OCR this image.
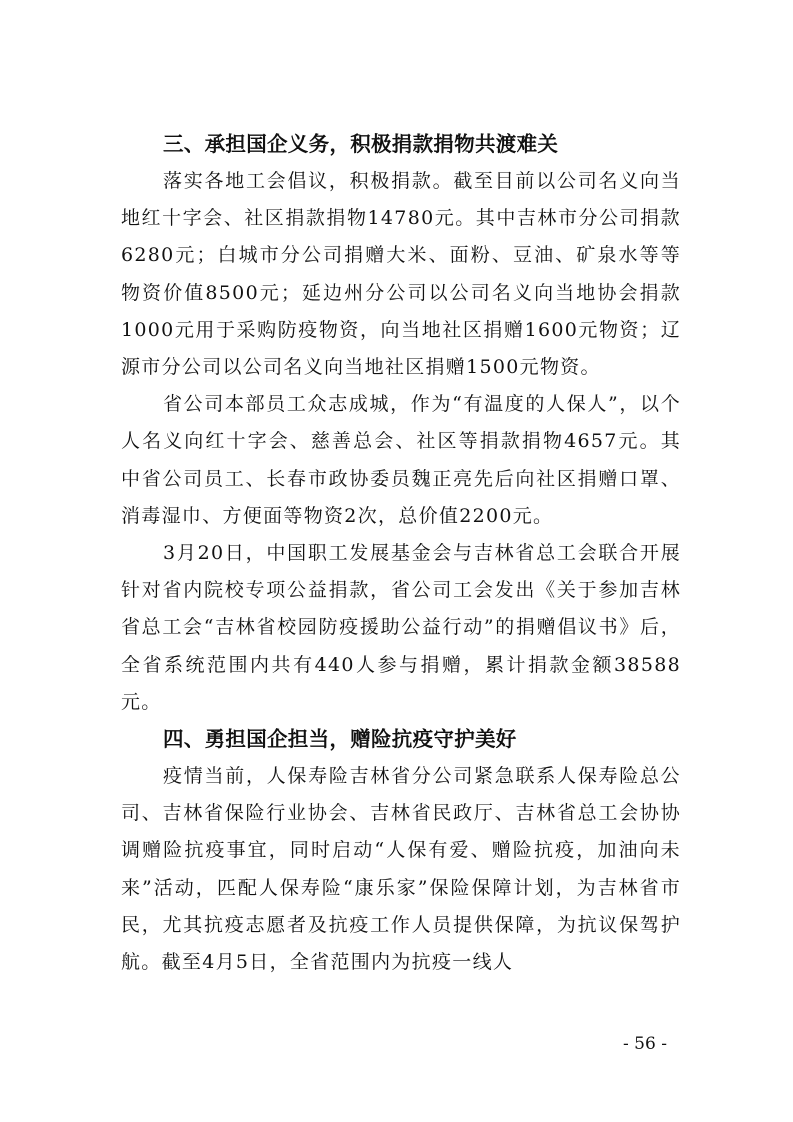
三、承担国企义务，积极捐款捐物共渡难关

落实各地工会倡议，积极捐款。截至目前以公司名义向当地红十字会、社区捐款捐物14780元。其中吉林市分公司捐款6280元；白城市分公司捐赠大米、面粉、豆油、矿泉水等等物资价值8500元；延边州分公司以公司名义向当地协会捐款1000元用于采购防疫物资，向当地社区捐赠1600元物资；辽源市分公司以公司名义向当地社区捐赠1500元物资。

省公司本部员工众志成城，作为“有温度的人保人”，以个人名义向红十字会、慈善总会、社区等捐款捐物4657元。其中省公司员工、长春市政协委员魏正亮先后向社区捐赠口罩、消毒湿巾、方便面等物资2次，总价值2200元。

3月20日，中国职工发展基金会与吉林省总工会联合开展针对省内院校专项公益捐款，省公司工会发出《关于参加吉林省总工会“吉林省校园防疫援助公益行动”的捐赠倡议书》后，全省系统范围内共有440人参与捐赠，累计捐款金额38588元。

四、勇担国企担当，赠险抗疫守护美好

疫情当前，人保寿险吉林省分公司紧急联系人保寿险总公司、吉林省保险行业协会、吉林省民政厅、吉林省总工会协协调赠险抗疫事宜，同时启动“人保有爱、赠险抗疫，加油向未来”活动，匹配人保寿险“康乐家”保险保障计划，为吉林省市民，尤其抗疫志愿者及抗疫工作人员提供保障，为抗议保驾护航。截至4月5日，全省范围内为抗疫一线人

- 56 -
